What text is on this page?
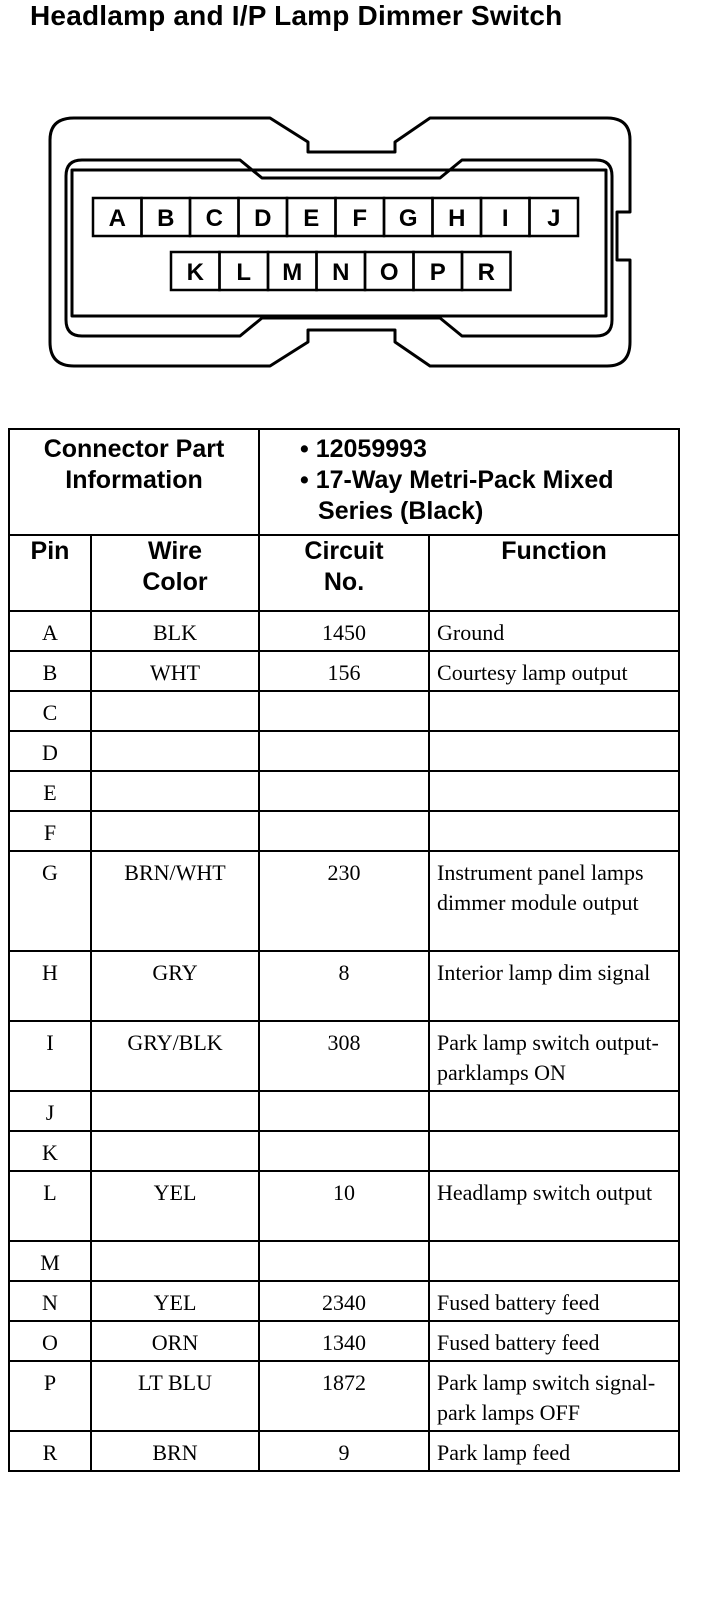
Headlamp and I/P Lamp Dimmer Switch
A B C D E F G H I J
K L M N O P R
Connector Part Information		• 12059993
• 17-Way Metri-Pack Mixed Series (Black)	

Pin	Wire Color	Circuit No.	Function
A	BLK	1450	Ground
B	WHT	156	Courtesy lamp output
C			
D			
E			
F			
G	BRN/WHT	230	Instrument panel lamps dimmer module output
H	GRY	8	Interior lamp dim signal
I	GRY/BLK	308	Park lamp switch output-parklamps ON
J			
K			
L	YEL	10	Headlamp switch output
M			
N	YEL	2340	Fused battery feed
O	ORN	1340	Fused battery feed
P	LT BLU	1872	Park lamp switch signal-park lamps OFF
R	BRN	9	Park lamp feed
